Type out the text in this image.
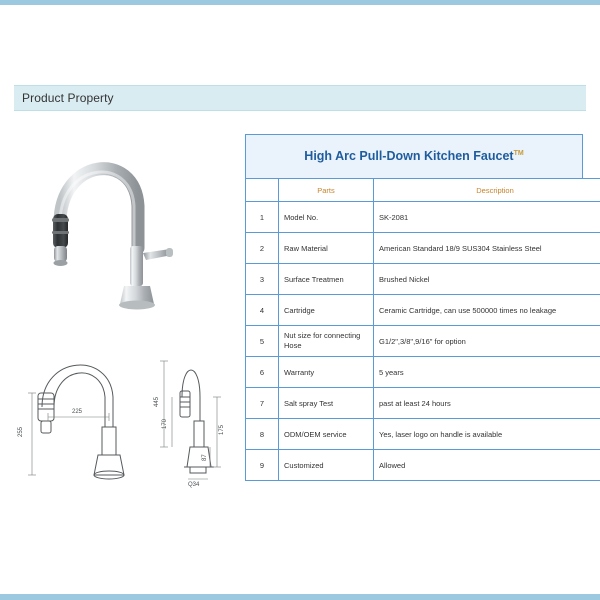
Product Property
225
255
445
170
175
87
Q34
High Arc Pull-Down Kitchen Faucet™
	Parts	Description
1	Model No.	SK-2081
2	Raw Material	American Standard 18/9 SUS304 Stainless Steel
3	Surface Treatmen	Brushed Nickel
4	Cartridge	Ceramic Cartridge, can use 500000 times no leakage
5	Nut size for connecting Hose	G1/2",3/8",9/16" for option
6	Warranty	5 years
7	Salt spray Test	past at least 24 hours
8	ODM/OEM service	Yes, laser logo on handle is available
9	Customized	Allowed
